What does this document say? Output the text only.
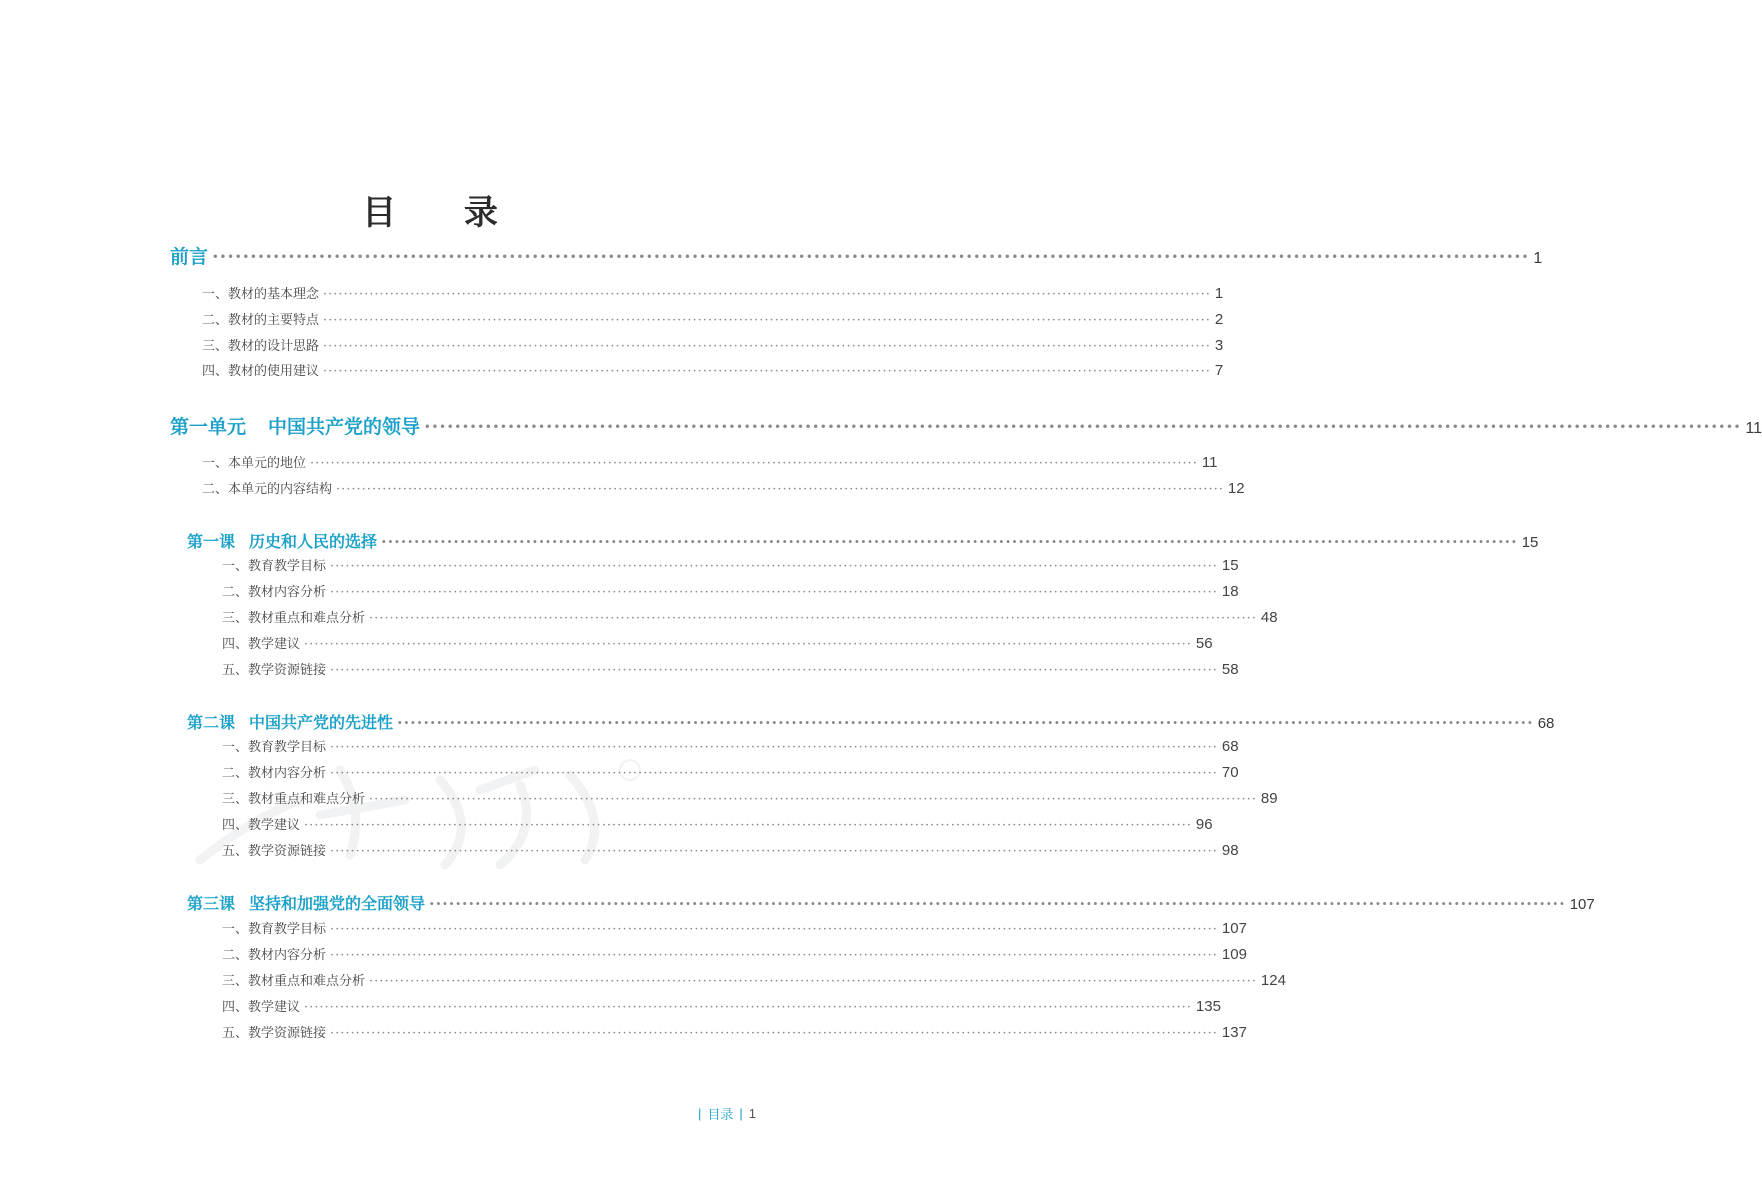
目 录
前言 ············································································································································································· 1
一、教材的基本理念 ············································································································································································· 1
二、教材的主要特点 ············································································································································································· 2
三、教材的设计思路 ············································································································································································· 3
四、教材的使用建议 ············································································································································································· 7
第一单元 中国共产党的领导 ············································································································································································· 11
一、本单元的地位 ············································································································································································· 11
二、本单元的内容结构 ············································································································································································· 12
第一课 历史和人民的选择 ············································································································································································· 15
一、教育教学目标 ············································································································································································· 15
二、教材内容分析 ············································································································································································· 18
三、教材重点和难点分析 ············································································································································································· 48
四、教学建议 ············································································································································································· 56
五、教学资源链接 ············································································································································································· 58
第二课 中国共产党的先进性 ············································································································································································· 68
一、教育教学目标 ············································································································································································· 68
二、教材内容分析 ············································································································································································· 70
三、教材重点和难点分析 ············································································································································································· 89
四、教学建议 ············································································································································································· 96
五、教学资源链接 ············································································································································································· 98
第三课 坚持和加强党的全面领导 ············································································································································································· 107
一、教育教学目标 ············································································································································································· 107
二、教材内容分析 ············································································································································································· 109
三、教材重点和难点分析 ············································································································································································· 124
四、教学建议 ············································································································································································· 135
五、教学资源链接 ············································································································································································· 137
| 目录 | 1
